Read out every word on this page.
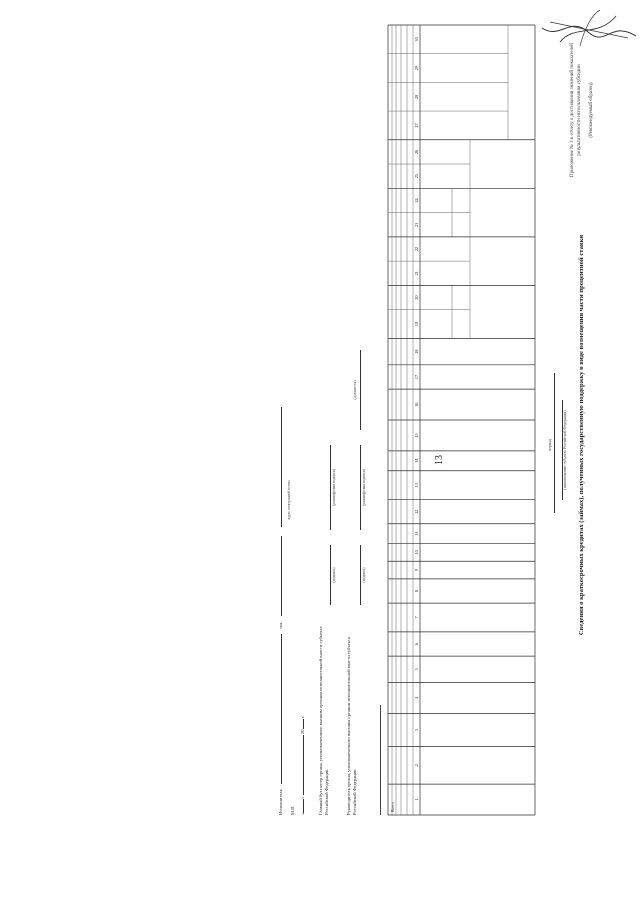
13
Приложение № 3 к отчету о достижении значений показателей результативности использования субсидии	(Рекомендуемый образец)
Сведения о краткосрочных кредитах (займах), полученных государственную поддержку в виде возмещения части процентной ставки
(наименование субъекта Российской Федерации)
период
1
2
3
4
5
6
7
8
9
10
11
12
13
14
15
16
17
18
19
20
21
22
23
24
25
26
27
28
29
30
Всего
Руководитель органа, уполномоченного высшим органом исполнительной власти субъекта Российской Федерации
(подпись)
(расшифровка подписи)
(должность)
Главный бухгалтер органа, уполномоченного высшим органом исполнительной власти субъекта Российской Федерации
(подпись)
(расшифровка подписи)
«»  20 г.
М.П.
Исполнитель  тел.
адрес электронной почты
